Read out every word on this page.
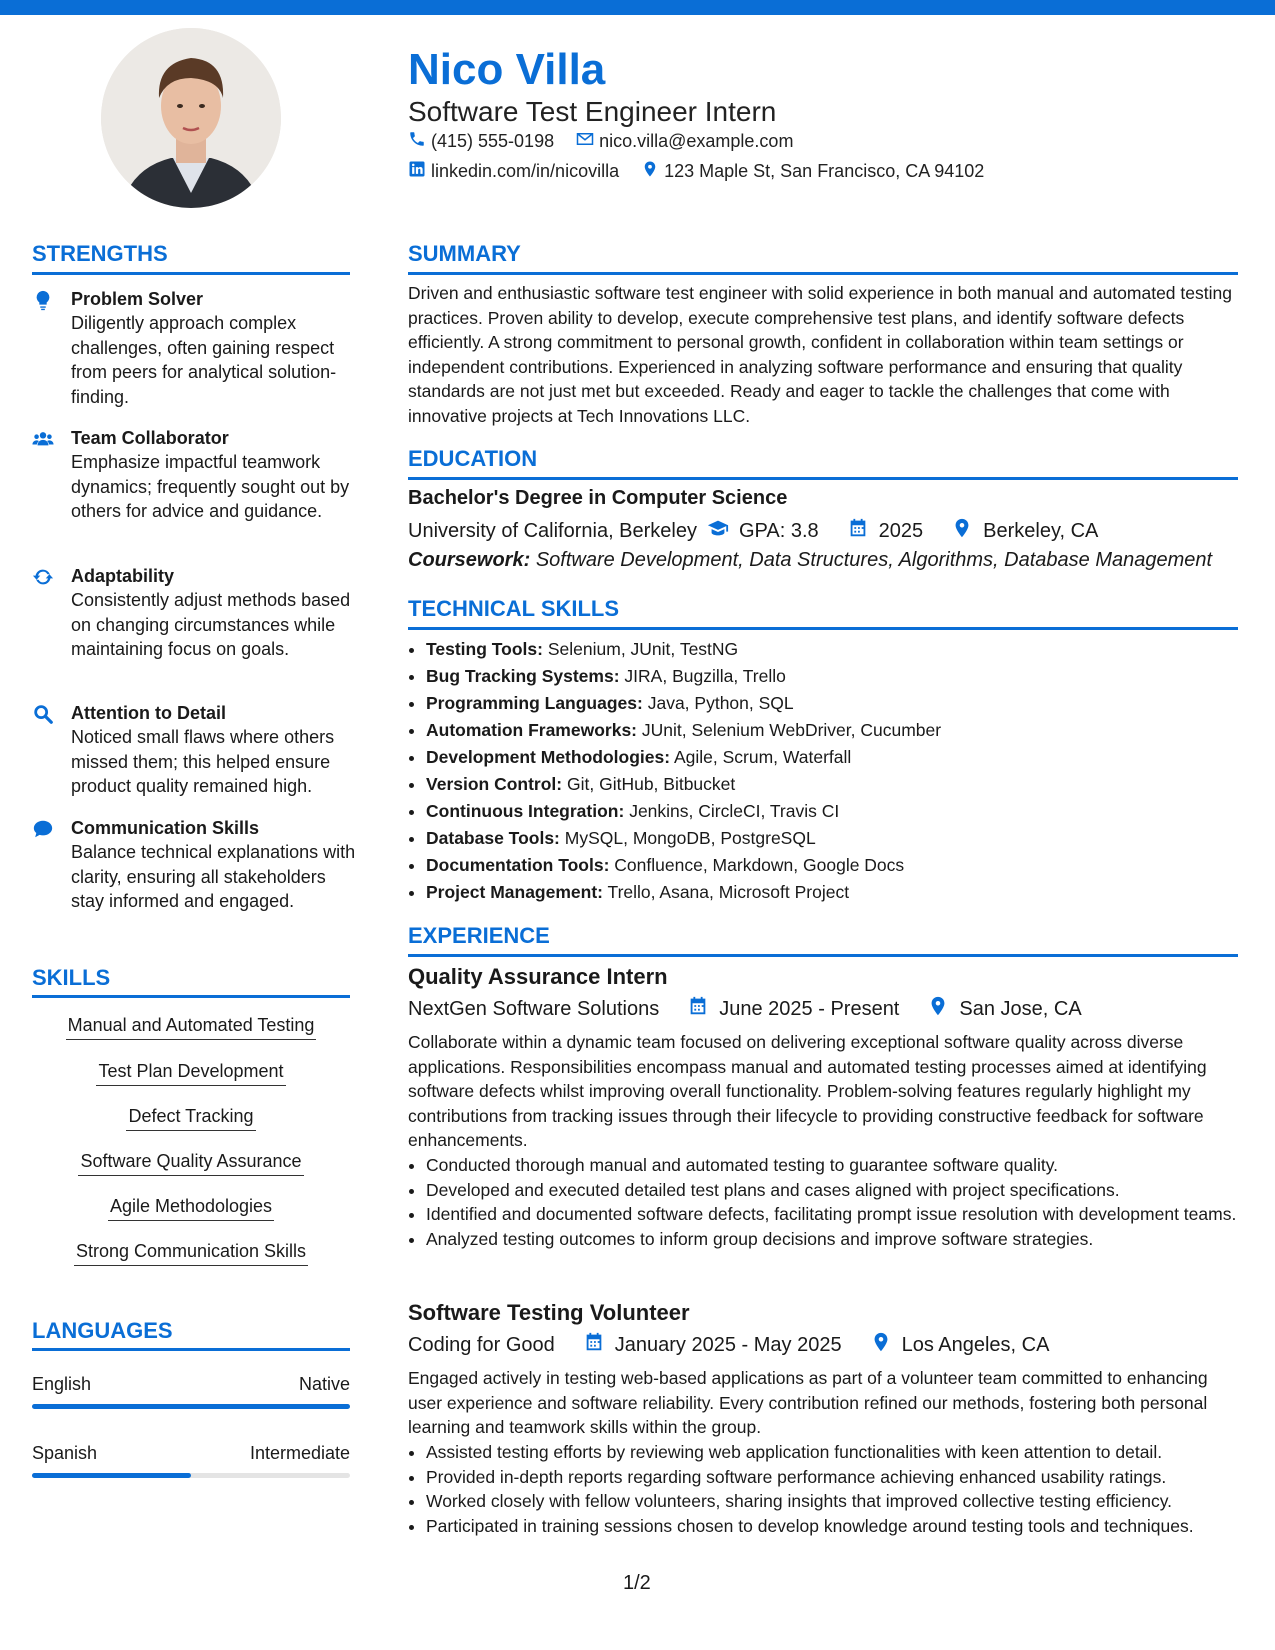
Nico Villa
Software Test Engineer Intern
(415) 555-0198	nico.villa@example.com
linkedin.com/in/nicovilla	123 Maple St, San Francisco, CA 94102
STRENGTHS
Problem Solver
Diligently approach complex challenges, often gaining respect from peers for analytical solution-finding.
Team Collaborator
Emphasize impactful teamwork dynamics; frequently sought out by others for advice and guidance.
Adaptability
Consistently adjust methods based on changing circumstances while maintaining focus on goals.
Attention to Detail
Noticed small flaws where others missed them; this helped ensure product quality remained high.
Communication Skills
Balance technical explanations with clarity, ensuring all stakeholders stay informed and engaged.
SKILLS
Manual and Automated Testing
Test Plan Development
Defect Tracking
Software Quality Assurance
Agile Methodologies
Strong Communication Skills
LANGUAGES
English	Native
Spanish	Intermediate
SUMMARY
Driven and enthusiastic software test engineer with solid experience in both manual and automated testing practices. Proven ability to develop, execute comprehensive test plans, and identify software defects efficiently. A strong commitment to personal growth, confident in collaboration within team settings or independent contributions. Experienced in analyzing software performance and ensuring that quality standards are not just met but exceeded. Ready and eager to tackle the challenges that come with innovative projects at Tech Innovations LLC.
EDUCATION
Bachelor's Degree in Computer Science
University of California, Berkeley GPA: 3.8	2025	Berkeley, CA
Coursework: Software Development, Data Structures, Algorithms, Database Management
TECHNICAL SKILLS
• Testing Tools: Selenium, JUnit, TestNG
• Bug Tracking Systems: JIRA, Bugzilla, Trello
• Programming Languages: Java, Python, SQL
• Automation Frameworks: JUnit, Selenium WebDriver, Cucumber
• Development Methodologies: Agile, Scrum, Waterfall
• Version Control: Git, GitHub, Bitbucket
• Continuous Integration: Jenkins, CircleCI, Travis CI
• Database Tools: MySQL, MongoDB, PostgreSQL
• Documentation Tools: Confluence, Markdown, Google Docs
• Project Management: Trello, Asana, Microsoft Project
EXPERIENCE
Quality Assurance Intern
NextGen Software Solutions	June 2025 - Present	San Jose, CA
Collaborate within a dynamic team focused on delivering exceptional software quality across diverse applications. Responsibilities encompass manual and automated testing processes aimed at identifying software defects whilst improving overall functionality. Problem-solving features regularly highlight my contributions from tracking issues through their lifecycle to providing constructive feedback for software enhancements.
• Conducted thorough manual and automated testing to guarantee software quality.
• Developed and executed detailed test plans and cases aligned with project specifications.
• Identified and documented software defects, facilitating prompt issue resolution with development teams.
• Analyzed testing outcomes to inform group decisions and improve software strategies.
Software Testing Volunteer
Coding for Good	January 2025 - May 2025	Los Angeles, CA
Engaged actively in testing web-based applications as part of a volunteer team committed to enhancing user experience and software reliability. Every contribution refined our methods, fostering both personal learning and teamwork skills within the group.
• Assisted testing efforts by reviewing web application functionalities with keen attention to detail.
• Provided in-depth reports regarding software performance achieving enhanced usability ratings.
• Worked closely with fellow volunteers, sharing insights that improved collective testing efficiency.
• Participated in training sessions chosen to develop knowledge around testing tools and techniques.
1/2
